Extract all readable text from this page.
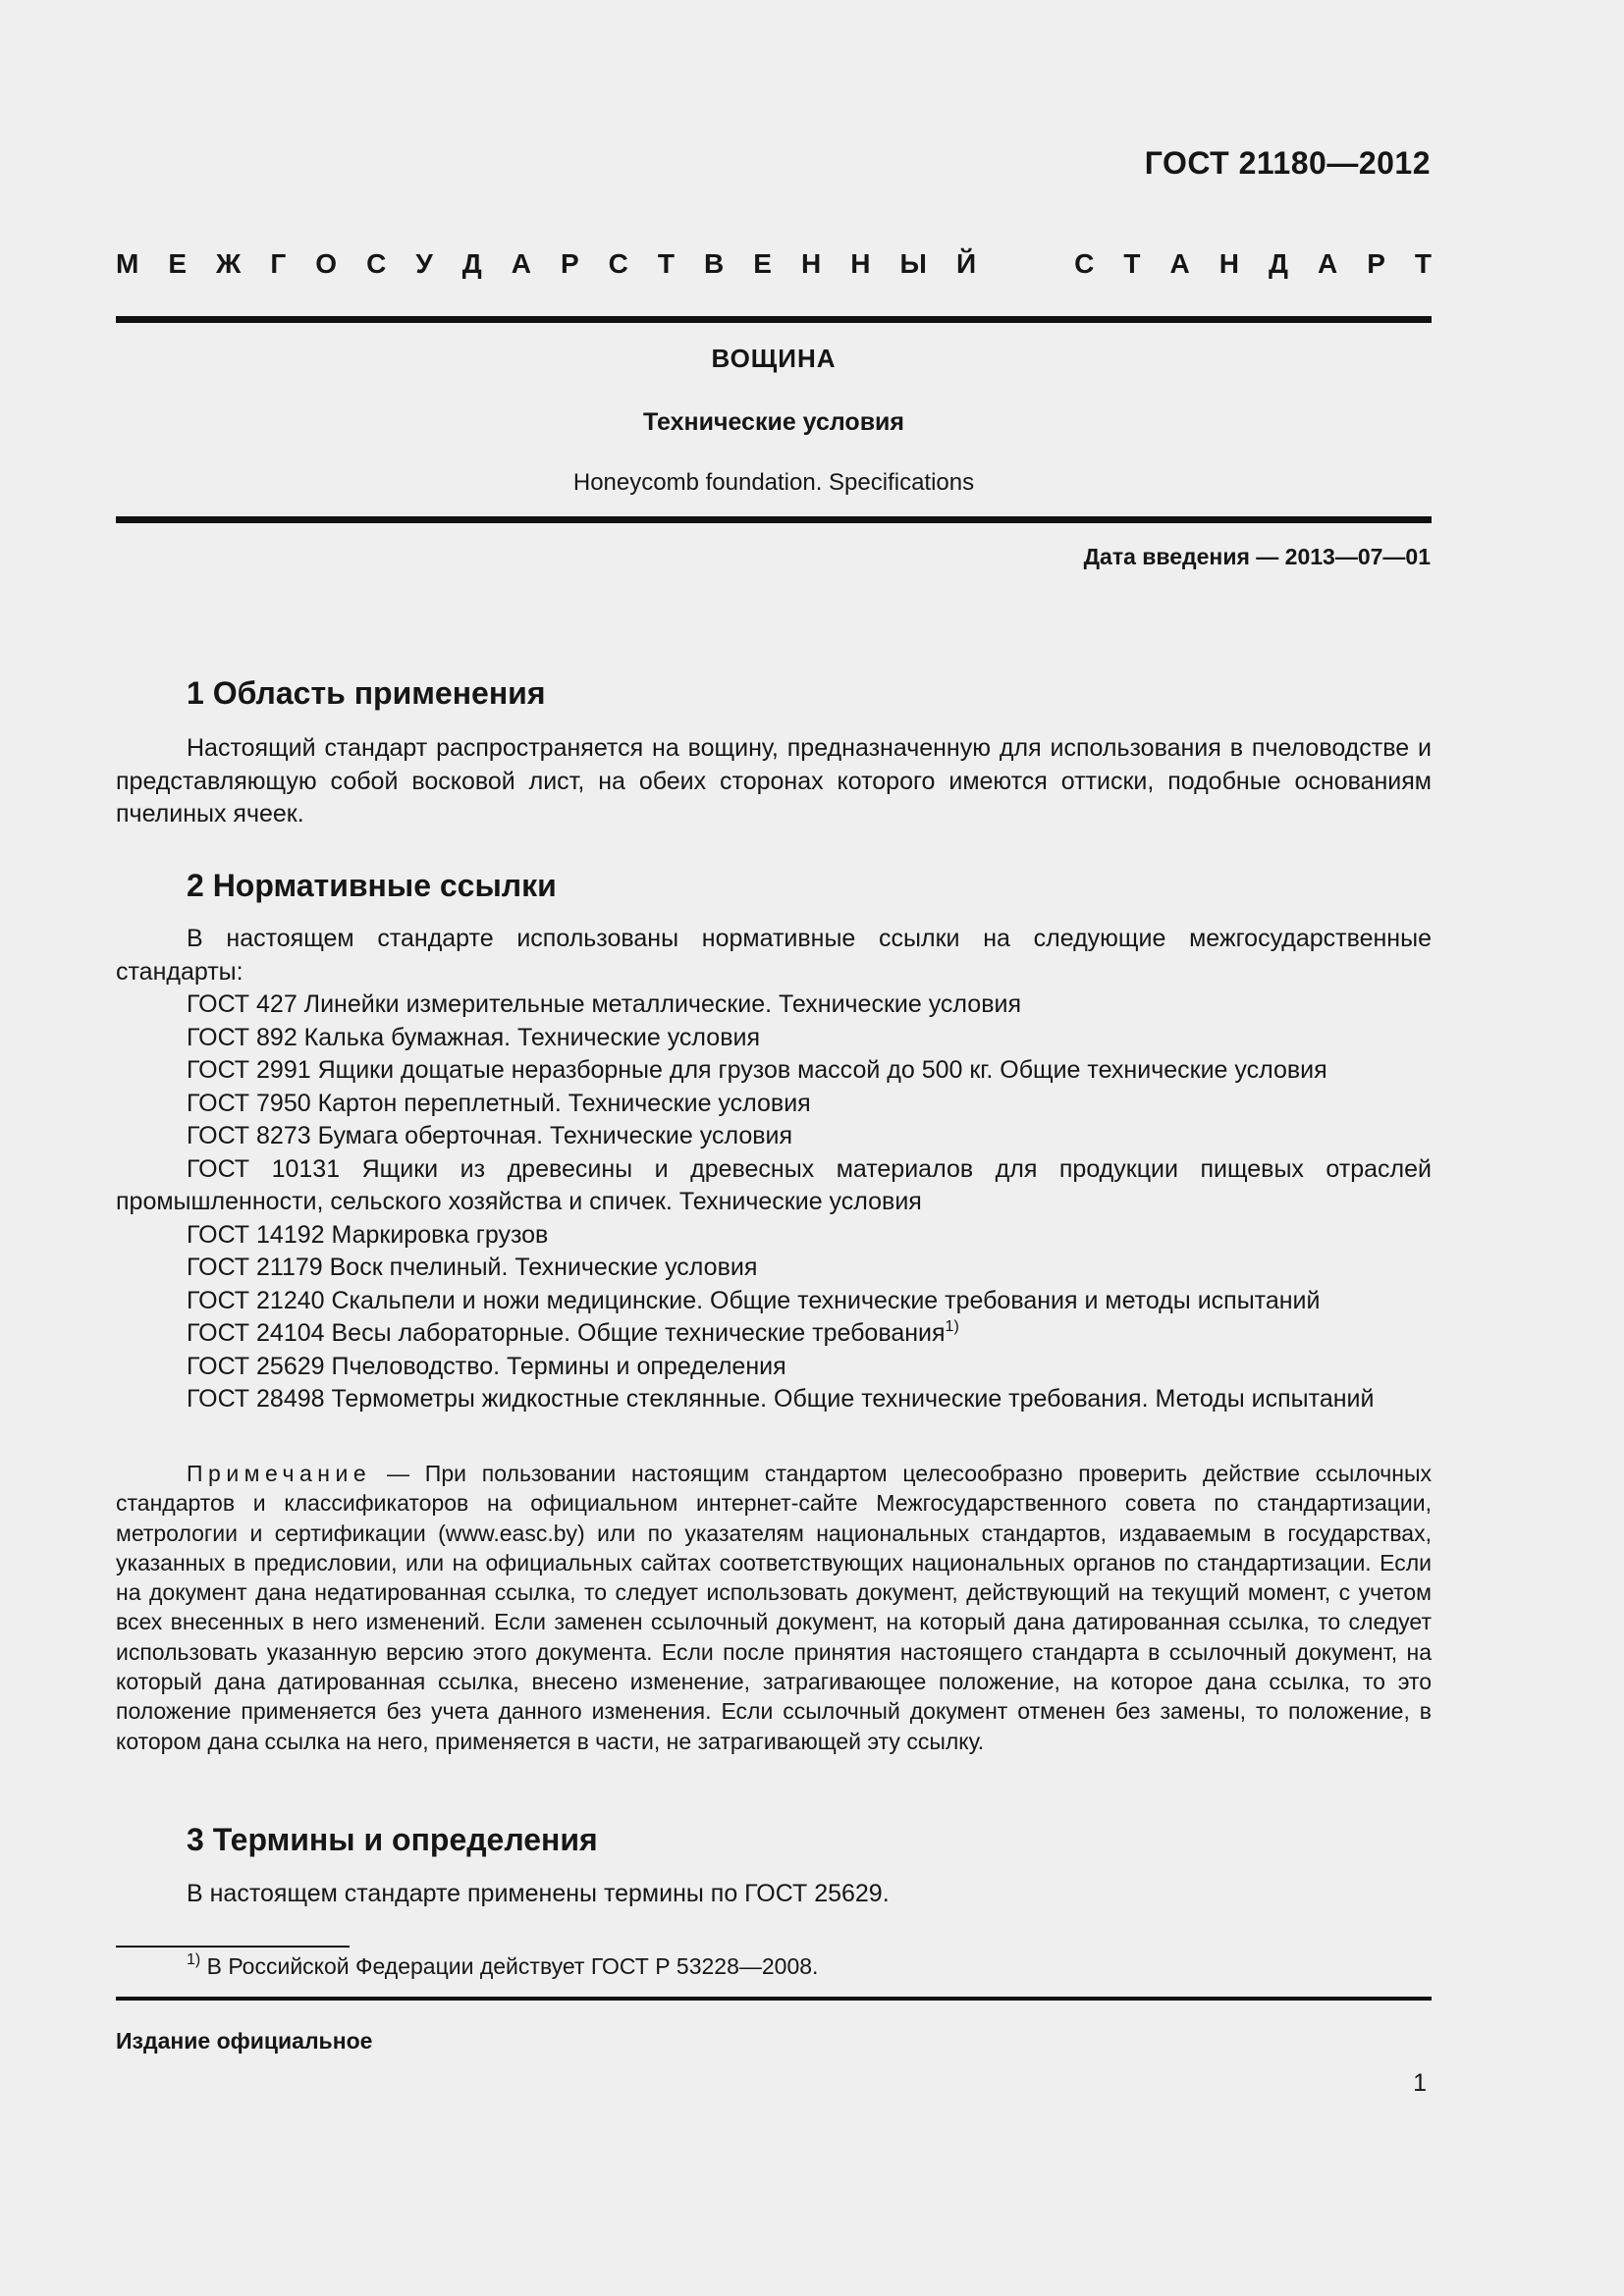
ГОСТ 21180—2012
М Е Ж Г О С У Д А Р С Т В Е Н Н Ы Й	С Т А Н Д А Р Т
ВОЩИНА
Технические условия
Honeycomb foundation. Specifications
Дата введения — 2013—07—01
1 Область применения

Настоящий стандарт распространяется на вощину, предназначенную для использования в пчеловодстве и представляющую собой восковой лист, на обеих сторонах которого имеются оттиски, подобные основаниям пчелиных ячеек.

2 Нормативные ссылки

В настоящем стандарте использованы нормативные ссылки на следующие межгосударственные стандарты:

ГОСТ 427 Линейки измерительные металлические. Технические условия

ГОСТ 892 Калька бумажная. Технические условия

ГОСТ 2991 Ящики дощатые неразборные для грузов массой до 500 кг. Общие технические условия

ГОСТ 7950 Картон переплетный. Технические условия

ГОСТ 8273 Бумага оберточная. Технические условия

ГОСТ 10131 Ящики из древесины и древесных материалов для продукции пищевых отраслей промышленности, сельского хозяйства и спичек. Технические условия

ГОСТ 14192 Маркировка грузов

ГОСТ 21179 Воск пчелиный. Технические условия

ГОСТ 21240 Скальпели и ножи медицинские. Общие технические требования и методы испытаний

ГОСТ 24104 Весы лабораторные. Общие технические требования$^{1)}$

ГОСТ 25629 Пчеловодство. Термины и определения

ГОСТ 28498 Термометры жидкостные стеклянные. Общие технические требования. Методы испытаний

Примечание — При пользовании настоящим стандартом целесообразно проверить действие ссылочных стандартов и классификаторов на официальном интернет-сайте Межгосударственного совета по стандартизации, метрологии и сертификации (www.easc.by) или по указателям национальных стандартов, издаваемым в государствах, указанных в предисловии, или на официальных сайтах соответствующих национальных органов по стандартизации. Если на документ дана недатированная ссылка, то следует использовать документ, действующий на текущий момент, с учетом всех внесенных в него изменений. Если заменен ссылочный документ, на который дана датированная ссылка, то следует использовать указанную версию этого документа. Если после принятия настоящего стандарта в ссылочный документ, на который дана датированная ссылка, внесено изменение, затрагивающее положение, на которое дана ссылка, то это положение применяется без учета данного изменения. Если ссылочный документ отменен без замены, то положение, в котором дана ссылка на него, применяется в части, не затрагивающей эту ссылку.

3 Термины и определения

В настоящем стандарте применены термины по ГОСТ 25629.

$^{1)}$ В Российской Федерации действует ГОСТ Р 53228—2008.
Издание официальное
1
